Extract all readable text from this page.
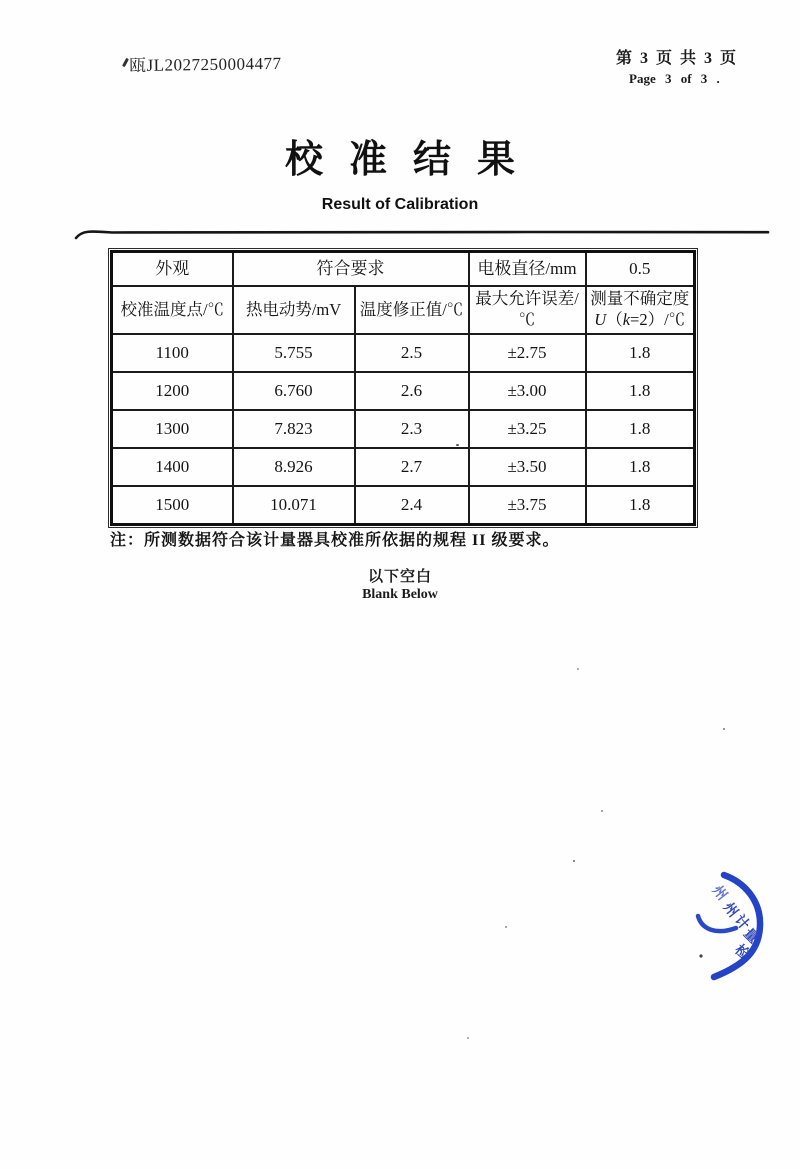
瓯JL2027250004477	第 3 页 共 3 页
Page 3 of 3 .
校准结果
Result of Calibration
外观	符合要求		电极直径/mm	0.5
校准温度点/℃	热电动势/mV	温度修正值/℃	最大允许误差/℃	测量不确定度
U（k=2）/℃

1100	5.755	2.5	±2.75	1.8
1200	6.760	2.6	±3.00	1.8
1300	7.823	2.3	±3.25	1.8
1400	8.926	2.7	±3.50	1.8
1500	10.071	2.4	±3.75	1.8
注：所测数据符合该计量器具校准所依据的规程 II 级要求。
以下空白
Blank Below
州
州
计
量
检
